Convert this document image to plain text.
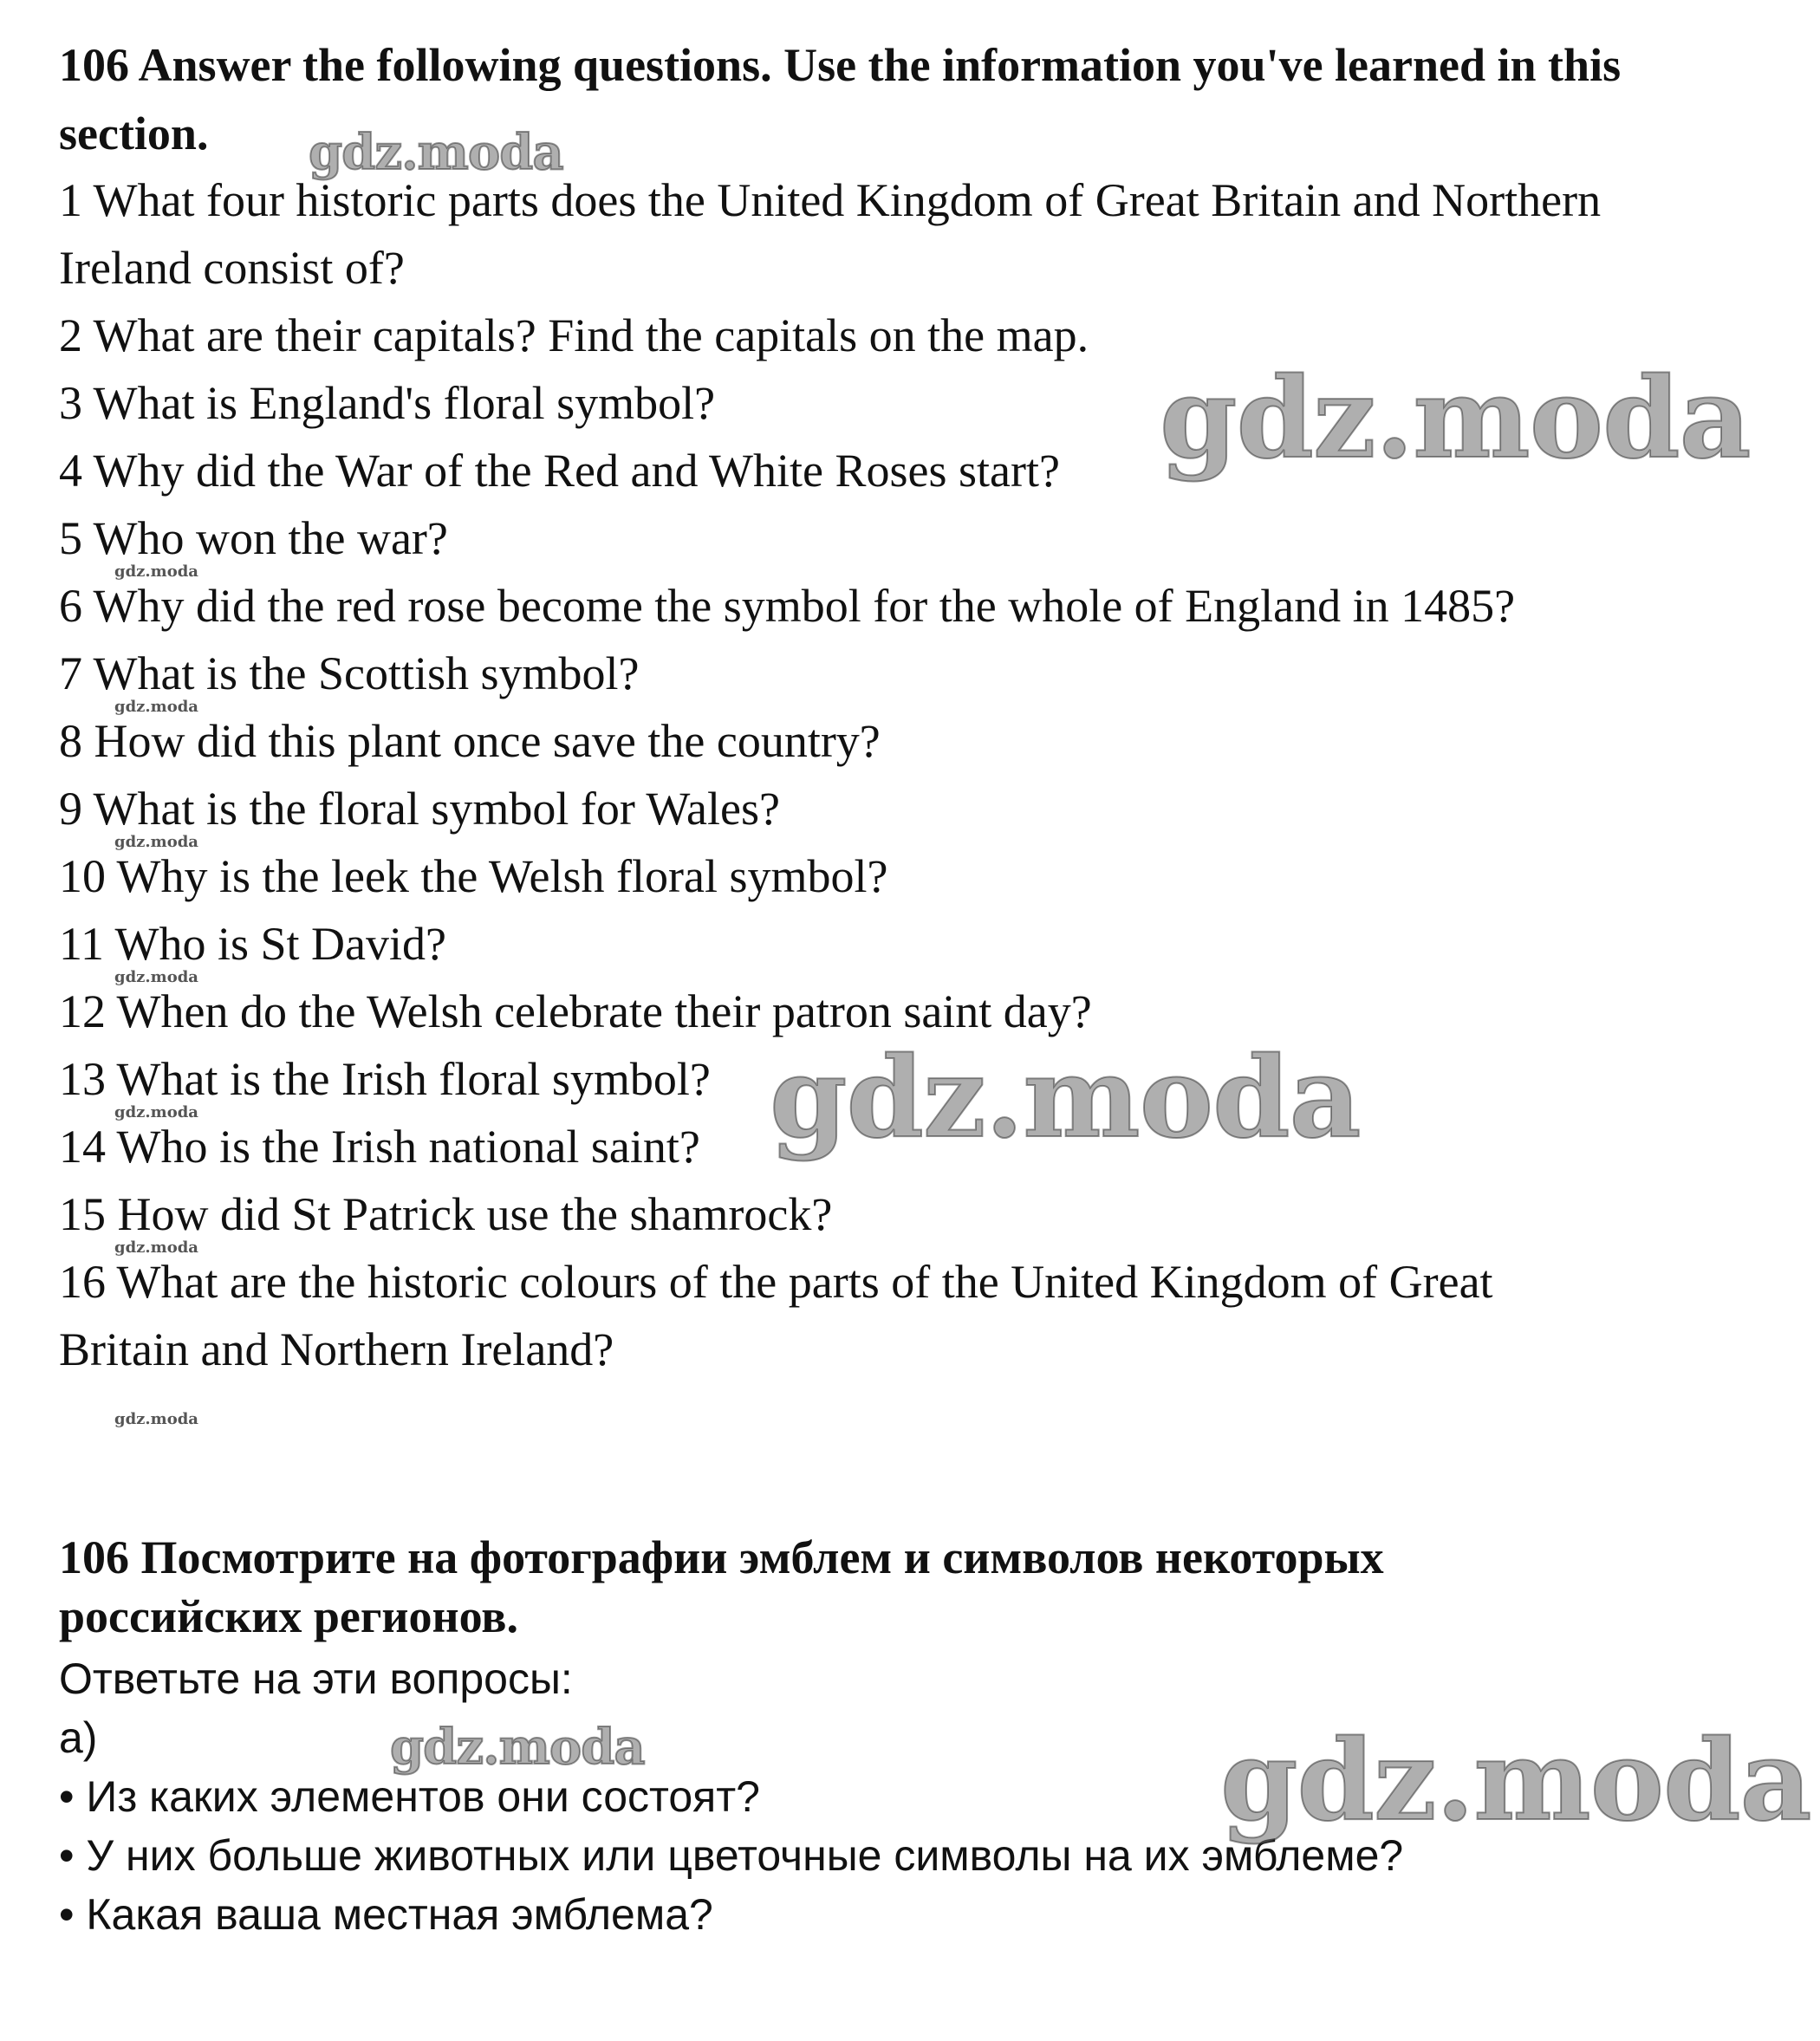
106 Answer the following questions. Use the information you've learned in this section.
1 What four historic parts does the United Kingdom of Great Britain and Northern
Ireland consist of?
2 What are their capitals? Find the capitals on the map.
3 What is England's floral symbol?
4 Why did the War of the Red and White Roses start?
5 Who won the war?
6 Why did the red rose become the symbol for the whole of England in 1485?
7 What is the Scottish symbol?
8 How did this plant once save the country?
9 What is the floral symbol for Wales?
10 Why is the leek the Welsh floral symbol?
11 Who is St David?
12 When do the Welsh celebrate their patron saint day?
13 What is the Irish floral symbol?
14 Who is the Irish national saint?
15 How did St Patrick use the shamrock?
16 What are the historic colours of the parts of the United Kingdom of Great
Britain and Northern Ireland?
106 Посмотрите на фотографии эмблем и символов некоторых
российских регионов.
Ответьте на эти вопросы:
a)
• Из каких элементов они состоят?
• У них больше животных или цветочные символы на их эмблеме?
• Какая ваша местная эмблема?
gdz.moda
gdz.moda
gdz.moda
gdz.moda
gdz.moda
gdz.moda
gdz.moda
gdz.moda
gdz.moda
gdz.moda
gdz.moda	gdz.moda
